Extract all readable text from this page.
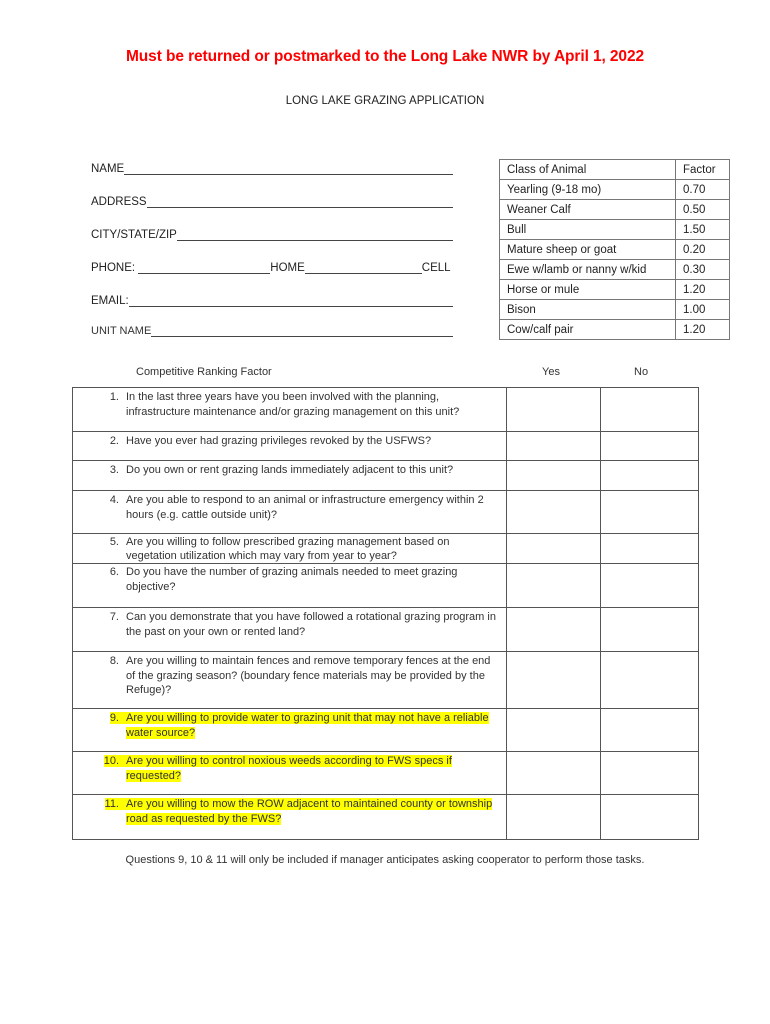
Must be returned or postmarked to the Long Lake NWR by April 1, 2022
LONG LAKE GRAZING APPLICATION
NAME
ADDRESS
CITY/STATE/ZIP
PHONE:	HOME	CELL
EMAIL:
UNIT NAME
Class of Animal	Factor
Yearling (9-18 mo)	0.70
Weaner Calf	0.50
Bull	1.50
Mature sheep or goat	0.20
Ewe w/lamb or nanny w/kid	0.30
Horse or mule	1.20
Bison	1.00
Cow/calf pair	1.20
Competitive Ranking Factor	Yes	No
1. In the last three years have you been involved with the planning, infrastructure maintenance and/or grazing management on this unit?		

2. Have you ever had grazing privileges revoked by the USFWS?		

3. Do you own or rent grazing lands immediately adjacent to this unit?		

4. Are you able to respond to an animal or infrastructure emergency within 2 hours (e.g. cattle outside unit)?		

5. Are you willing to follow prescribed grazing management based on vegetation utilization which may vary from year to year?		

6. Do you have the number of grazing animals needed to meet grazing objective?		

7. Can you demonstrate that you have followed a rotational grazing program in the past on your own or rented land?		

8. Are you willing to maintain fences and remove temporary fences at the end of the grazing season? (boundary fence materials may be provided by the Refuge)?		

9. Are you willing to provide water to grazing unit that may not have a reliable water source?		

10. Are you willing to control noxious weeds according to FWS specs if requested?		

11. Are you willing to mow the ROW adjacent to maintained county or township road as requested by the FWS?		

Questions 9, 10 & 11 will only be included if manager anticipates asking cooperator to perform those tasks.
